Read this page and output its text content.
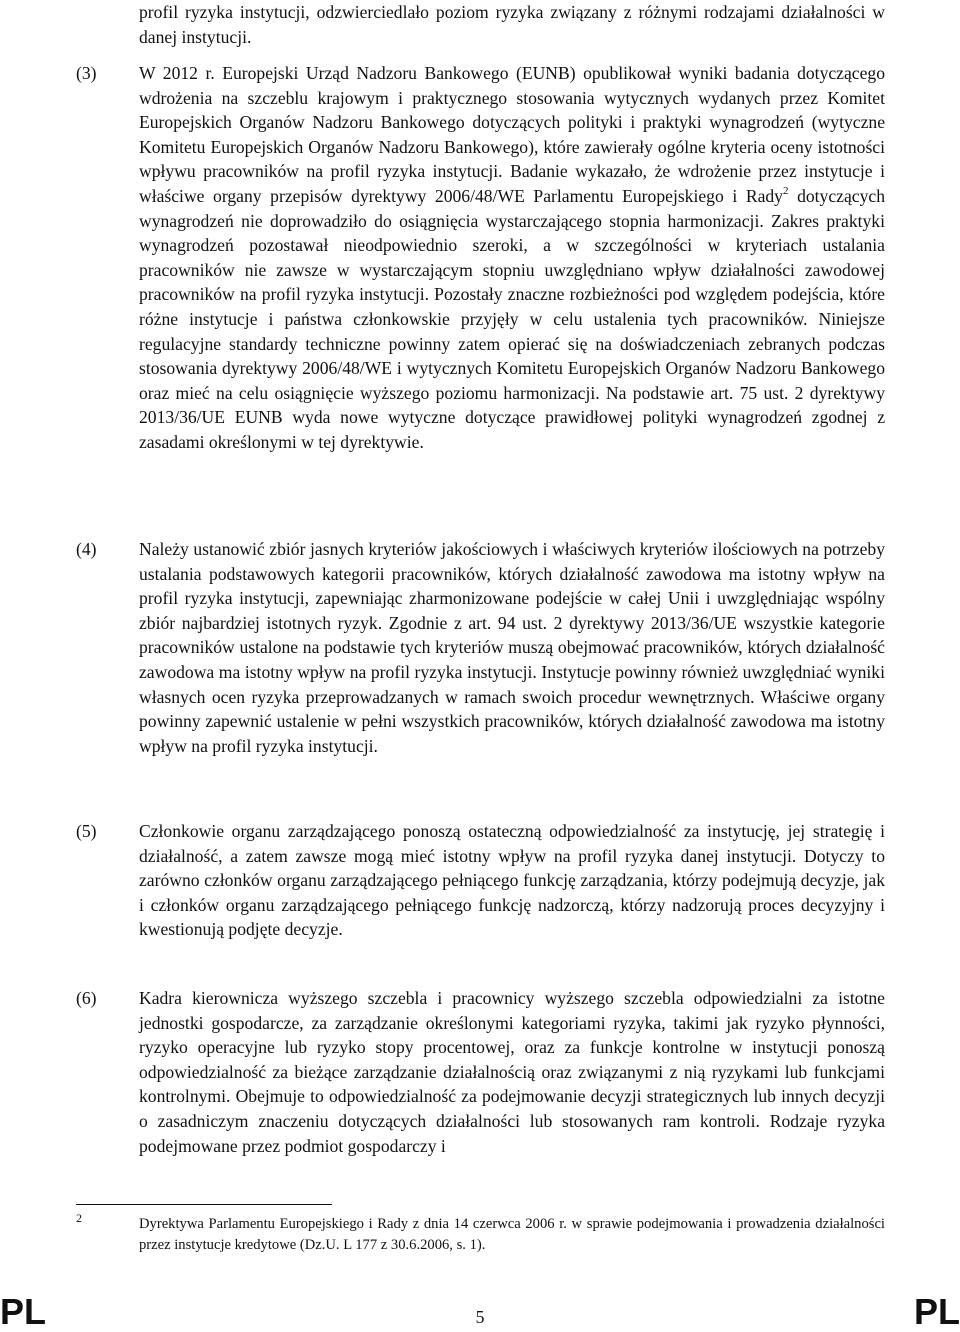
profil ryzyka instytucji, odzwierciedlało poziom ryzyka związany z różnymi rodzajami działalności w danej instytucji.

(3) W 2012 r. Europejski Urząd Nadzoru Bankowego (EUNB) opublikował wyniki badania dotyczącego wdrożenia na szczeblu krajowym i praktycznego stosowania wytycznych wydanych przez Komitet Europejskich Organów Nadzoru Bankowego dotyczących polityki i praktyki wynagrodzeń (wytyczne Komitetu Europejskich Organów Nadzoru Bankowego), które zawierały ogólne kryteria oceny istotności wpływu pracowników na profil ryzyka instytucji. Badanie wykazało, że wdrożenie przez instytucje i właściwe organy przepisów dyrektywy 2006/48/WE Parlamentu Europejskiego i Rady$^2$ dotyczących wynagrodzeń nie doprowadziło do osiągnięcia wystarczającego stopnia harmonizacji. Zakres praktyki wynagrodzeń pozostawał nieodpowiednio szeroki, a w szczególności w kryteriach ustalania pracowników nie zawsze w wystarczającym stopniu uwzględniano wpływ działalności zawodowej pracowników na profil ryzyka instytucji. Pozostały znaczne rozbieżności pod względem podejścia, które różne instytucje i państwa członkowskie przyjęły w celu ustalenia tych pracowników. Niniejsze regulacyjne standardy techniczne powinny zatem opierać się na doświadczeniach zebranych podczas stosowania dyrektywy 2006/48/WE i wytycznych Komitetu Europejskich Organów Nadzoru Bankowego oraz mieć na celu osiągnięcie wyższego poziomu harmonizacji. Na podstawie art. 75 ust. 2 dyrektywy 2013/36/UE EUNB wyda nowe wytyczne dotyczące prawidłowej polityki wynagrodzeń zgodnej z zasadami określonymi w tej dyrektywie.

(4) Należy ustanowić zbiór jasnych kryteriów jakościowych i właściwych kryteriów ilościowych na potrzeby ustalania podstawowych kategorii pracowników, których działalność zawodowa ma istotny wpływ na profil ryzyka instytucji, zapewniając zharmonizowane podejście w całej Unii i uwzględniając wspólny zbiór najbardziej istotnych ryzyk. Zgodnie z art. 94 ust. 2 dyrektywy 2013/36/UE wszystkie kategorie pracowników ustalone na podstawie tych kryteriów muszą obejmować pracowników, których działalność zawodowa ma istotny wpływ na profil ryzyka instytucji. Instytucje powinny również uwzględniać wyniki własnych ocen ryzyka przeprowadzanych w ramach swoich procedur wewnętrznych. Właściwe organy powinny zapewnić ustalenie w pełni wszystkich pracowników, których działalność zawodowa ma istotny wpływ na profil ryzyka instytucji.

(5) Członkowie organu zarządzającego ponoszą ostateczną odpowiedzialność za instytucję, jej strategię i działalność, a zatem zawsze mogą mieć istotny wpływ na profil ryzyka danej instytucji. Dotyczy to zarówno członków organu zarządzającego pełniącego funkcję zarządzania, którzy podejmują decyzje, jak i członków organu zarządzającego pełniącego funkcję nadzorczą, którzy nadzorują proces decyzyjny i kwestionują podjęte decyzje.

(6) Kadra kierownicza wyższego szczebla i pracownicy wyższego szczebla odpowiedzialni za istotne jednostki gospodarcze, za zarządzanie określonymi kategoriami ryzyka, takimi jak ryzyko płynności, ryzyko operacyjne lub ryzyko stopy procentowej, oraz za funkcje kontrolne w instytucji ponoszą odpowiedzialność za bieżące zarządzanie działalnością oraz związanymi z nią ryzykami lub funkcjami kontrolnymi. Obejmuje to odpowiedzialność za podejmowanie decyzji strategicznych lub innych decyzji o zasadniczym znaczeniu dotyczących działalności lub stosowanych ram kontroli. Rodzaje ryzyka podejmowane przez podmiot gospodarczy i

2	Dyrektywa Parlamentu Europejskiego i Rady z dnia 14 czerwca 2006 r. w sprawie podejmowania i prowadzenia działalności przez instytucje kredytowe (Dz.U. L 177 z 30.6.2006, s. 1).

PL	5	PL
